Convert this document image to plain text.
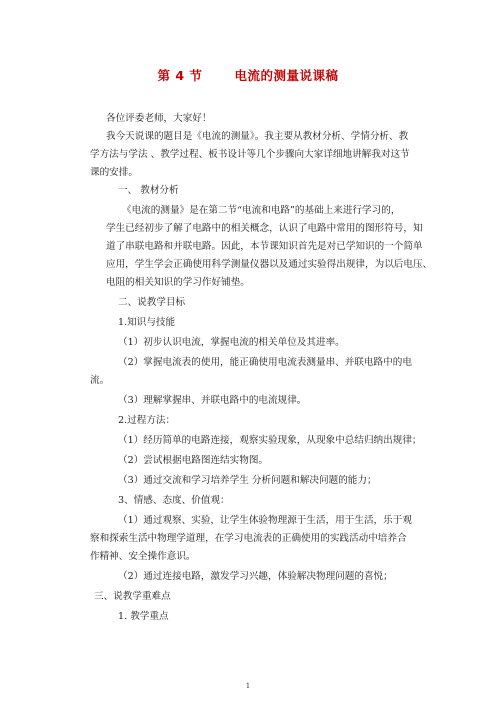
第 4 节	电流的测量说课稿
各位评委老师，大家好！
我今天说课的题目是《电流的测量》。我主要从教材分析、学情分析、教
学方法与学法 、教学过程、板书设计等几个步骤向大家详细地讲解我对这节
课的安排。
一、 教材分析
《电流的测量》是在第二节“电流和电路”的基础上来进行学习的，
学生已经初步了解了电路中的相关概念，认识了电路中常用的图形符号，知
道了串联电路和并联电路。因此，本节课知识首先是对已学知识的一个简单
应用，学生学会正确使用科学测量仪器以及通过实验得出规律，为以后电压、
电阻的相关知识的学习作好铺垫。
二、说教学目标
1.知识与技能
（1）初步认识电流，掌握电流的相关单位及其进率。
（2）掌握电流表的使用，能正确使用电流表测量串、并联电路中的电
流。
（3）理解掌握串、并联电路中的电流规律。
2.过程方法：
（1）经历简单的电路连接，观察实验现象，从现象中总结归纳出规律；
（2）尝试根据电路图连结实物图。
（3）通过交流和学习培养学生 分析问题和解决问题的能力；
3、情感、态度、价值观：
（1）通过观察、实验，让学生体验物理源于生活，用于生活，乐于观
察和探索生活中物理学道理，在学习电流表的正确使用的实践活动中培养合
作精神、安全操作意识。
（2）通过连接电路，激发学习兴趣，体验解决物理问题的喜悦；
三、说教学重难点
1. 教学重点
1
